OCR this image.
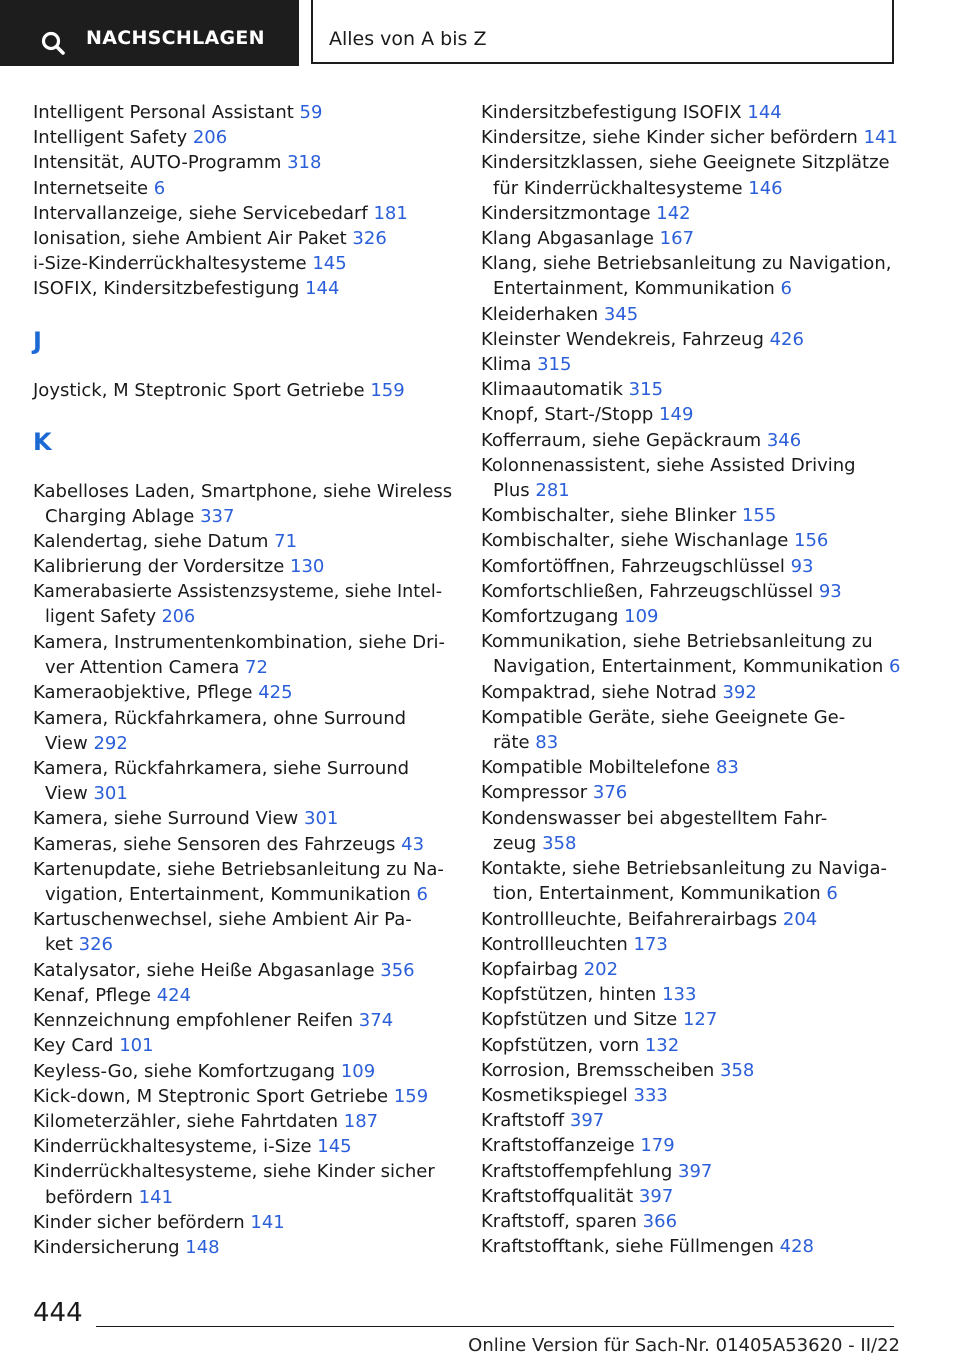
NACHSCHLAGEN	Alles von A bis Z
Intelligent Personal Assistant 59
Intelligent Safety 206
Intensität, AUTO-Programm 318
Internetseite 6
Intervallanzeige, siehe Servicebedarf 181
Ionisation, siehe Ambient Air Paket 326
i-Size-Kinderrückhaltesysteme 145
ISOFIX, Kindersitzbefestigung 144
J
Joystick, M Steptronic Sport Getriebe 159
K
Kabelloses Laden, Smartphone, siehe Wireless
Charging Ablage 337
Kalendertag, siehe Datum 71
Kalibrierung der Vordersitze 130
Kamerabasierte Assistenzsysteme, siehe Intel-
ligent Safety 206
Kamera, Instrumentenkombination, siehe Dri-
ver Attention Camera 72
Kameraobjektive, Pflege 425
Kamera, Rückfahrkamera, ohne Surround
View 292
Kamera, Rückfahrkamera, siehe Surround
View 301
Kamera, siehe Surround View 301
Kameras, siehe Sensoren des Fahrzeugs 43
Kartenupdate, siehe Betriebsanleitung zu Na-
vigation, Entertainment, Kommunikation 6
Kartuschenwechsel, siehe Ambient Air Pa-
ket 326
Katalysator, siehe Heiße Abgasanlage 356
Kenaf, Pflege 424
Kennzeichnung empfohlener Reifen 374
Key Card 101
Keyless-Go, siehe Komfortzugang 109
Kick-down, M Steptronic Sport Getriebe 159
Kilometerzähler, siehe Fahrtdaten 187
Kinderrückhaltesysteme, i-Size 145
Kinderrückhaltesysteme, siehe Kinder sicher
befördern 141
Kinder sicher befördern 141
Kindersicherung 148
Kindersitzbefestigung ISOFIX 144
Kindersitze, siehe Kinder sicher befördern 141
Kindersitzklassen, siehe Geeignete Sitzplätze
für Kinderrückhaltesysteme 146
Kindersitzmontage 142
Klang Abgasanlage 167
Klang, siehe Betriebsanleitung zu Navigation,
Entertainment, Kommunikation 6
Kleiderhaken 345
Kleinster Wendekreis, Fahrzeug 426
Klima 315
Klimaautomatik 315
Knopf, Start-/Stopp 149
Kofferraum, siehe Gepäckraum 346
Kolonnenassistent, siehe Assisted Driving
Plus 281
Kombischalter, siehe Blinker 155
Kombischalter, siehe Wischanlage 156
Komfortöffnen, Fahrzeugschlüssel 93
Komfortschließen, Fahrzeugschlüssel 93
Komfortzugang 109
Kommunikation, siehe Betriebsanleitung zu
Navigation, Entertainment, Kommunikation 6
Kompaktrad, siehe Notrad 392
Kompatible Geräte, siehe Geeignete Ge-
räte 83
Kompatible Mobiltelefone 83
Kompressor 376
Kondenswasser bei abgestelltem Fahr-
zeug 358
Kontakte, siehe Betriebsanleitung zu Naviga-
tion, Entertainment, Kommunikation 6
Kontrollleuchte, Beifahrerairbags 204
Kontrollleuchten 173
Kopfairbag 202
Kopfstützen, hinten 133
Kopfstützen und Sitze 127
Kopfstützen, vorn 132
Korrosion, Bremsscheiben 358
Kosmetikspiegel 333
Kraftstoff 397
Kraftstoffanzeige 179
Kraftstoffempfehlung 397
Kraftstoffqualität 397
Kraftstoff, sparen 366
Kraftstofftank, siehe Füllmengen 428
444
Online Version für Sach-Nr. 01405A53620 - II/22
